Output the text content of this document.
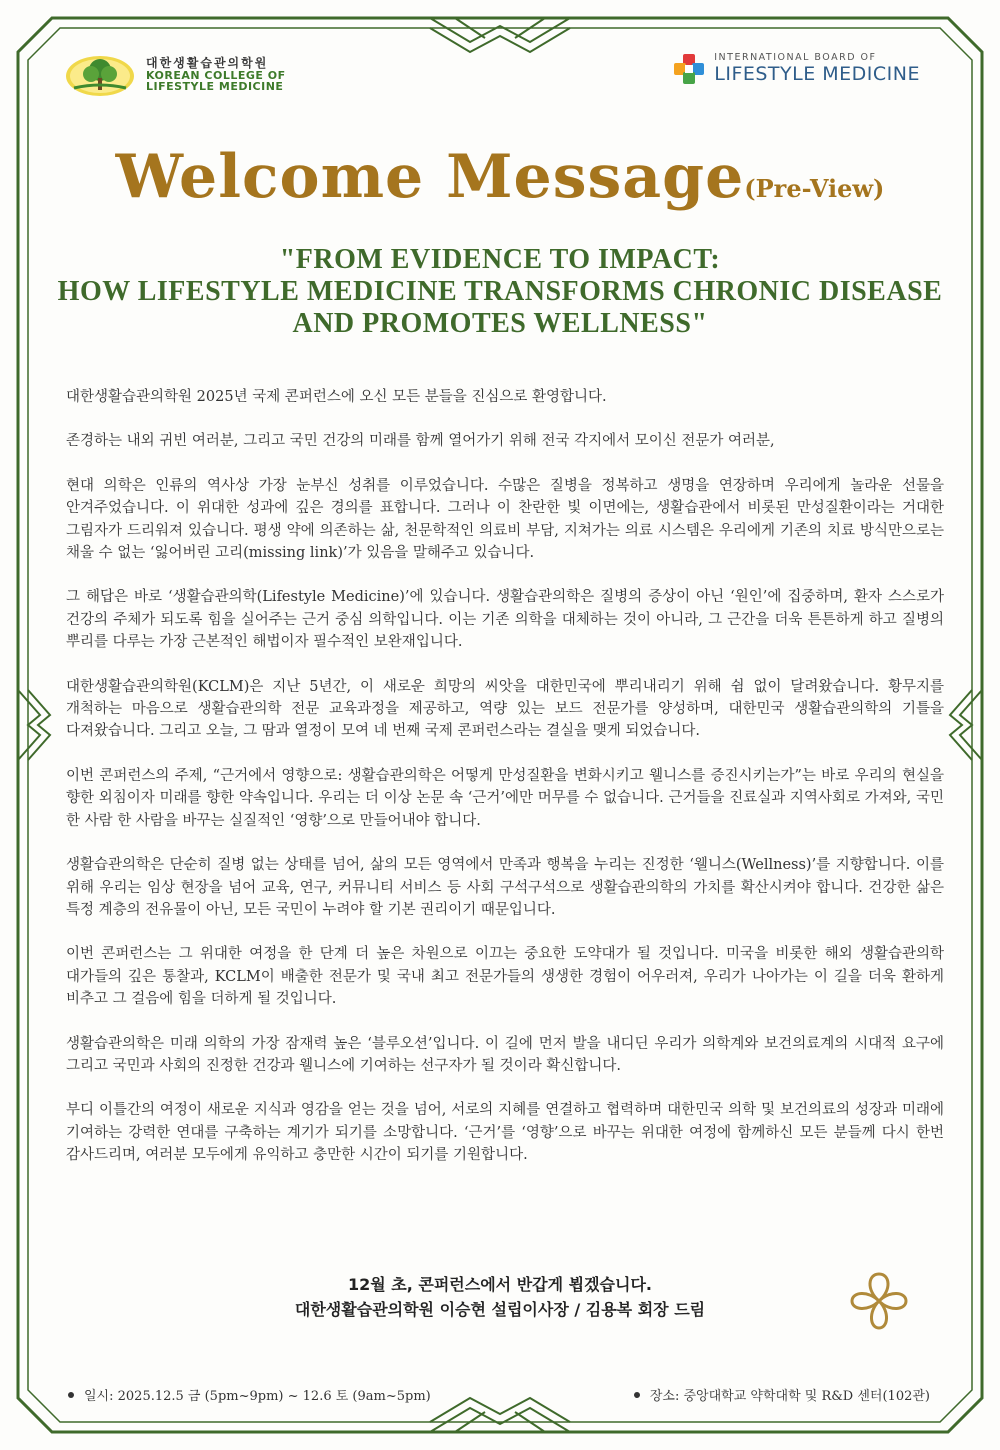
대한생활습관의학원
KOREAN COLLEGE OF
LIFESTYLE MEDICINE
INTERNATIONAL BOARD OF
LIFESTYLE MEDICINE
Welcome Message(Pre-View)
"FROM EVIDENCE TO IMPACT:
HOW LIFESTYLE MEDICINE TRANSFORMS CHRONIC DISEASE
AND PROMOTES WELLNESS"

대한생활습관의학원 2025년 국제 콘퍼런스에 오신 모든 분들을 진심으로 환영합니다.

존경하는 내외 귀빈 여러분, 그리고 국민 건강의 미래를 함께 열어가기 위해 전국 각지에서 모이신 전문가 여러분,

현대 의학은 인류의 역사상 가장 눈부신 성취를 이루었습니다. 수많은 질병을 정복하고 생명을 연장하며 우리에게 놀라운 선물을 안겨주었습니다. 이 위대한 성과에 깊은 경의를 표합니다. 그러나 이 찬란한 빛 이면에는, 생활습관에서 비롯된 만성질환이라는 거대한 그림자가 드리워져 있습니다. 평생 약에 의존하는 삶, 천문학적인 의료비 부담, 지쳐가는 의료 시스템은 우리에게 기존의 치료 방식만으로는 채울 수 없는 ‘잃어버린 고리(missing link)’가 있음을 말해주고 있습니다.

그 해답은 바로 ‘생활습관의학(Lifestyle Medicine)’에 있습니다. 생활습관의학은 질병의 증상이 아닌 ‘원인’에 집중하며, 환자 스스로가 건강의 주체가 되도록 힘을 실어주는 근거 중심 의학입니다. 이는 기존 의학을 대체하는 것이 아니라, 그 근간을 더욱 튼튼하게 하고 질병의 뿌리를 다루는 가장 근본적인 해법이자 필수적인 보완재입니다.

대한생활습관의학원(KCLM)은 지난 5년간, 이 새로운 희망의 씨앗을 대한민국에 뿌리내리기 위해 쉼 없이 달려왔습니다. 황무지를 개척하는 마음으로 생활습관의학 전문 교육과정을 제공하고, 역량 있는 보드 전문가를 양성하며, 대한민국 생활습관의학의 기틀을 다져왔습니다. 그리고 오늘, 그 땀과 열정이 모여 네 번째 국제 콘퍼런스라는 결실을 맺게 되었습니다.

이번 콘퍼런스의 주제, “근거에서 영향으로: 생활습관의학은 어떻게 만성질환을 변화시키고 웰니스를 증진시키는가”는 바로 우리의 현실을 향한 외침이자 미래를 향한 약속입니다. 우리는 더 이상 논문 속 ‘근거’에만 머무를 수 없습니다. 근거들을 진료실과 지역사회로 가져와, 국민 한 사람 한 사람을 바꾸는 실질적인 ‘영향’으로 만들어내야 합니다.

생활습관의학은 단순히 질병 없는 상태를 넘어, 삶의 모든 영역에서 만족과 행복을 누리는 진정한 ‘웰니스(Wellness)’를 지향합니다. 이를 위해 우리는 임상 현장을 넘어 교육, 연구, 커뮤니티 서비스 등 사회 구석구석으로 생활습관의학의 가치를 확산시켜야 합니다. 건강한 삶은 특정 계층의 전유물이 아닌, 모든 국민이 누려야 할 기본 권리이기 때문입니다.

이번 콘퍼런스는 그 위대한 여정을 한 단계 더 높은 차원으로 이끄는 중요한 도약대가 될 것입니다. 미국을 비롯한 해외 생활습관의학 대가들의 깊은 통찰과, KCLM이 배출한 전문가 및 국내 최고 전문가들의 생생한 경험이 어우러져, 우리가 나아가는 이 길을 더욱 환하게 비추고 그 걸음에 힘을 더하게 될 것입니다.

생활습관의학은 미래 의학의 가장 잠재력 높은 ‘블루오션’입니다. 이 길에 먼저 발을 내디딘 우리가 의학계와 보건의료계의 시대적 요구에 그리고 국민과 사회의 진정한 건강과 웰니스에 기여하는 선구자가 될 것이라 확신합니다.

부디 이틀간의 여정이 새로운 지식과 영감을 얻는 것을 넘어, 서로의 지혜를 연결하고 협력하며 대한민국 의학 및 보건의료의 성장과 미래에 기여하는 강력한 연대를 구축하는 계기가 되기를 소망합니다. ‘근거’를 ‘영향’으로 바꾸는 위대한 여정에 함께하신 모든 분들께 다시 한번 감사드리며, 여러분 모두에게 유익하고 충만한 시간이 되기를 기원합니다.

12월 초, 콘퍼런스에서 반갑게 뵙겠습니다.
대한생활습관의학원 이승현 설립이사장 / 김용복 회장 드림
일시: 2025.12.5 금 (5pm~9pm) ~ 12.6 토 (9am~5pm)	장소: 중앙대학교 약학대학 및 R&D 센터(102관)
